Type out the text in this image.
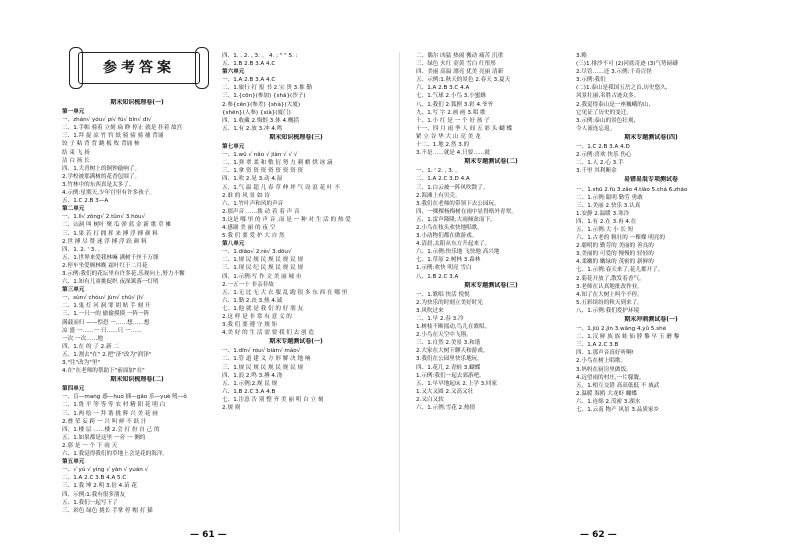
参考答案
期末知识梳理卷(一)
第一单元
一、zhán√ yóu√ pí√ fú√ bìn√ dì√
二、1.手帕 骑着 立刻 扁 睁 停止 就是 挂着 故宫
三、1.拜 捉 凉 竹 钓 纸 骑 骑 骑 捕 背诵
饺 子 粘 背 背 跳 板 牧 背诵 柿
结 束 飞 扬
洁 白 扬 长
四、1.大青树上的铜钟敲响了。
2.学校被那满树的花香包围了。
3.竹林中的东西真是太多了。
4.示例:星期天,少年宫里有许多孩子。
五、1.C 2.B 3—A
第二单元
一、1.lì√ zōng√ 2.tǔn√ 3.hóu√
二、山洞 叫 树叶 聚 瓜 弹 蓝 金 新 歌 草 摊
三、1.果 若 打 拥 挥 来 搏 浮 搏 颜 料
2.世 搏 尽 赞 迷 浮 搏 浮 跃 颜 料
四、1. 2. ' 3. 。
五、1.世界来爱我林嘛 满树千丝千万绦
2.停车坐爱枫林晚 霜叶红于二月花
3.示例:我们的花坛里有许多花,乐观向上,努力不懈
六、1.知有儿童挑促织 夜深篱落一灯明
第三单元
一、sùn√ chóu√ jùn√ chū√ jǐ√
二、1.鬼 灯 河 洞 罪 胡 贴 手 刻 开
三、1.一只一的 偷偷摸摸 一阵一阵
满载而归 ——惶恐 一……想……想
凉 盛 一……一 只……只 一……
一次 一次……地
四、1.在 的 了 2.新 二
五、1.割去"在" 2.把"济"改为"润泽"
3."往"改为"里"
4.在"在老师的帮助下"前面加"在"
期末知识梳理卷(二)
第四单元
一、盲—mang 惑—huò 插—gāo 乐—yuè 吼—ǒ
二、1.鲁 平 等 等 等 农 村 精 阳 花 明 白
三、1.两 绘 一 拜 谐 挑 辉 兴 美 花 画
2.叠 荣 妄 跨 一 兴 叫 鲜 不 跃 汁
四、1.楼 层 ……楼 2.会 打 扮 自 己 的
五、1.如果都是这里 一旁 一 侧的
2.那 是 一 个 下 雨 天
六、1.我觉得我们的草地上会是花的海洋。
第五单元
一、√ yú √ yíng √ yàn √ yuán √
二、1.A 2.C 3.B 4.A 5.C
三、1.我 坤 2.明 3.倍 4.苗 花
四、示例:1.我有很多朋友
五、1.我们一起写下了
三、彩色 绿色 挑长 手掌 停 帽 打 猫
四、1. , 2. , 3. 。 4. ; " " 5. :
五、1.B 2.B 3.A 4.C
第六单元
一、1.A 2.B 3.A 4.C
二、1.旅行 打 报 书 2.宝 贵 3.推 勤
三、1.{cōn}(参加) {shā}(沙子)
2.参{cēn}(参差) {shà}(大厦)
{shēn}(人参) {xià}(厦门)
四、1.收藏 2.悔恨 3.体 4.概括
五、1.有 2.放 3.冲 4.鸣
期末知识梳理卷(三)
第七单元
一、1.wǔ √ nǎo √ jiàn √ √ √
二、1.弹 翠 柔 和 敷 衍 努 力 刺 蝟 烘 冰 滴
三、1.拿 资 资 资 资 资 资 资 资
四、1.吹 2.晃 3.动 4.湿
五、1.气 温 超 几 春 草 伸 坪 气 设 浪 花 叶 不
2.谁 的 风 景 如 诗
六、1.竹叶声和风的声音
2.那声音 ……拨 动 着 着 声 音
3.这是 哪 里 的 声 音 ,而 是 一 种 对 生 活 的 热 爱
4.感谢 美 丽 的 夜 空
5.我 们 要 爱 护 大 自 然
第八单元
一、1.diāo√ 2.rè√ 3.dōu√
二、1.规 民 规 民 规 民 规 民 规
三、1.现 民 纪 民 规 民 规 民 规
四、1.示例:写 作 文 美 丽 城 市
2.一五一十 非亲非故
五、1.无 比 无 大 衣 服 乱 跑 很 多 东 西 在 哪 里
六、1.勤 2.丧 3.热 4.诚
七、1.他 就 是 我 们 的 好 朋 友
2.这 样 是 非 常 有 意 义 的
3.我 们 要 遵 守 规 矩
4.美 好 的 生 活 需 要 我 们 去 创 造
期末专题测试卷(一)
一、1.dīn√ ròu√ biàn√ mào√
二、1.管 道 建 义 方 形 解 决 地 响
三、1.规 民 规 民 规 民 规 民 规
四、1.浪 2.鸣 3.搏 4.浇
五、1.示例:2.规 民 规
六、1.B 2.C 3.A 4.B
七、1.注意 告 别 整 齐 美 丽 明 白 立 刻
2.规 则
二、偶尔 凶猛 热闹 搬动 痛苦 沉重
三、绿色 火红 金黄 雪白 红彤彤
四、美丽 高温 漂亮 优美 亮丽 清新
五、示例:1.秋天的景色 2.春天 3.夏天
六、1.A 2.B 3.C 4.A
七、1.气球 2.小鸟 3.小蜜蜂
八、1.我们 2.狐狸 3.彩 4.爷爷
九、1.写 字 2.画 画 3.唱 歌
十、1.小 红 是 一 个 好 孩 子
十一、四 月 雨 季 人 间 五 彩 头 蝴 蝶
紧 立 谷 华 大 山 亮 美 龙
十二、1.地 2.然 3.的
3.不是……就是 4.只要……就
期末专题测试卷(二)
一、1. ' 2. , 3. 。
二、1.A 2.C 3.D 4.A
三、1.白云被一阵风吹散了。
2.海滩上有贝壳。
3.我们在老师的带领下去公园玩。
四、一棵棵杨梅树在雨中显得格外青翠。
五、1.雷声隆隆,大雨倾盆而下。
2.小鸟在枝头欢快地唱歌。
3.小动物们都在做游戏。
4.清晨,太阳从东方升起来了。
六、1.示例:快乐地 飞快地 高兴地
七、1.草原 2.树林 3.森林
1.示例:欢快 明亮 雪白
八、1.B 2.C 3.A
期末专题测试卷(三)
一、1.歌唱 快活 悦悦
2.为快乐的时刻立美好时光
3.风吹过来
二、1.早 2.春 3.冷
1.树枝不断摇动,鸟儿在歌唱。
2.小鸟在天空中飞翔。
三、1.自然 2.美景 3.和谐
2.大家在大树下聊天和游戏。
3.我们在公园里快乐地玩。
四、1.花儿 2.青蛙 3.蝴蝶
1.示例:我们一起去郊游吧。
五、1.早早地起床 2.上学 3.回家
1.又大又圆 2.又高又壮
2.又白又软
六、1.示例:雪花 2.热情
3.略
(三)1.排沙不可 (2)河底奇迹 (3)气势磅礴
2.尽管……还 3.示例:千奇百怪
3.示例:我们
(二)1.泰山是我国五岳之首,历史悠久,
风景壮丽,名胜古迹众多。
2.我觉得泰山是一座巍峨的山,
它见证了历史的变迁。
3.示例:泰山的景色壮观,
令人流连忘返。
期末专题测试卷(四)
一、1.C 2.B 3.A 4.D
2.示例:喜欢 快乐 伤心
二、1.人 2.心 3.手
3.千里 其利断金
易错易混专项测试卷
一、1.shū 2.fù 3.zǎo 4.tiāo 5.chá 6.zhāo
二、1.示例:聪明 勤劳 勇敢
三、1.美丽 2.快乐 3.认真
1.安静 2.温暖 3.寒冷
四、1.有 2.在 3.再 4.在
五、1.示例:大 小 长 短
六、1.古老的 粗壮的 一棵棵 明亮的
2.聪明的 勤劳的 美丽的 善良的
3.美丽的 可爱的 慢慢的 轻轻的
4.柔嫩的 嫩绿的 茂密的 新鲜的
七、1.示例:春天来了,花儿都开了。
2.菊花开放了,散发着香气。
3.老师在认真地批改作业。
4.知了在大树上叫个不停。
5.五彩缤纷的秋天到来了。
八、1.示例:我们爱护环境
期末冲刺测试卷(一)
一、1.jiū 2.jìn 3.wǎng 4.yǔ 5.shé
二、1.汉 鲜 族 族 蛙 仙 脖 黎 早 玉 蘑 黎
三、1.A 2.C 3.B
四、1.那声音真好听啊!
2.小鸟在树上唱歌。
3.妈妈在厨房里做饭。
4.远望雨的村庄,一片朦胧。
五、1.相互交错 高高低低 不 威武
2.温暖 海鸥 大龙虾 蝴蝶
六、1.连绵 2.茂密 3.湖水
七、1.云南 物产 风景 3.品质家乡
— 61 —	— 62 —
